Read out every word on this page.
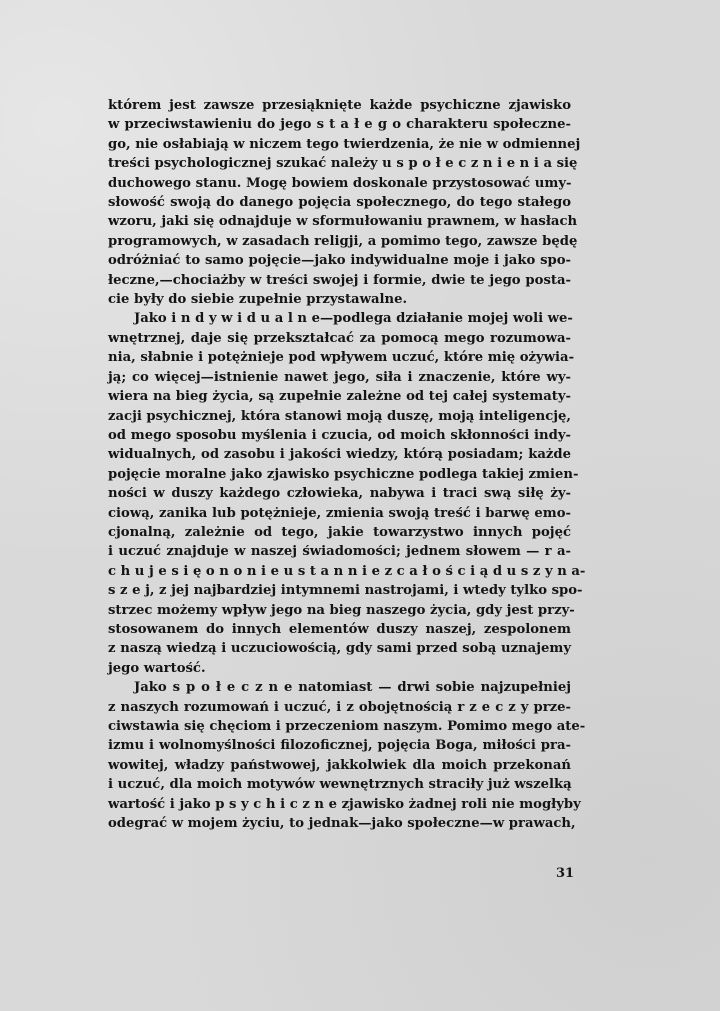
którem jest zawsze przesiąknięte każde psychiczne zjawisko
w przeciwstawieniu do jego s t a ł e g o charakteru społeczne-
go, nie osłabiają w niczem tego twierdzenia, że nie w odmiennej
treści psychologicznej szukać należy u s p o ł e c z n i e n i a się
duchowego stanu. Mogę bowiem doskonale przystosować umy-
słowość swoją do danego pojęcia społecznego, do tego stałego
wzoru, jaki się odnajduje w sformułowaniu prawnem, w hasłach
programowych, w zasadach religji, a pomimo tego, zawsze będę
odróżniać to samo pojęcie—jako indywidualne moje i jako spo-
łeczne,—chociażby w treści swojej i formie, dwie te jego posta-
cie były do siebie zupełnie przystawalne.

Jako i n d y w i d u a l n e—podlega działanie mojej woli we-
wnętrznej, daje się przekształcać za pomocą mego rozumowa-
nia, słabnie i potężnieje pod wpływem uczuć, które mię ożywia-
ją; co więcej—istnienie nawet jego, siła i znaczenie, które wy-
wiera na bieg życia, są zupełnie zależne od tej całej systematy-
zacji psychicznej, która stanowi moją duszę, moją inteligencję,
od mego sposobu myślenia i czucia, od moich skłonności indy-
widualnych, od zasobu i jakości wiedzy, którą posiadam; każde
pojęcie moralne jako zjawisko psychiczne podlega takiej zmien-
ności w duszy każdego człowieka, nabywa i traci swą siłę ży-
ciową, zanika lub potężnieje, zmienia swoją treść i barwę emo-
cjonalną, zależnie od tego, jakie towarzystwo innych pojęć
i uczuć znajduje w naszej świadomości; jednem słowem — r a-
c h u j e s i ę o n o n i e u s t a n n i e z c a ł o ś c i ą d u s z y n a-
s z e j, z jej najbardziej intymnemi nastrojami, i wtedy tylko spo-
strzec możemy wpływ jego na bieg naszego życia, gdy jest przy-
stosowanem do innych elementów duszy naszej, zespolonem
z naszą wiedzą i uczuciowością, gdy sami przed sobą uznajemy
jego wartość.

Jako s p o ł e c z n e natomiast — drwi sobie najzupełniej
z naszych rozumowań i uczuć, i z obojętnością r z e c z y prze-
ciwstawia się chęciom i przeczeniom naszym. Pomimo mego ate-
izmu i wolnomyślności filozoficznej, pojęcia Boga, miłości pra-
wowitej, władzy państwowej, jakkolwiek dla moich przekonań
i uczuć, dla moich motywów wewnętrznych straciły już wszelką
wartość i jako p s y c h i c z n e zjawisko żadnej roli nie mogłyby
odegrać w mojem życiu, to jednak—jako społeczne—w prawach,

31
